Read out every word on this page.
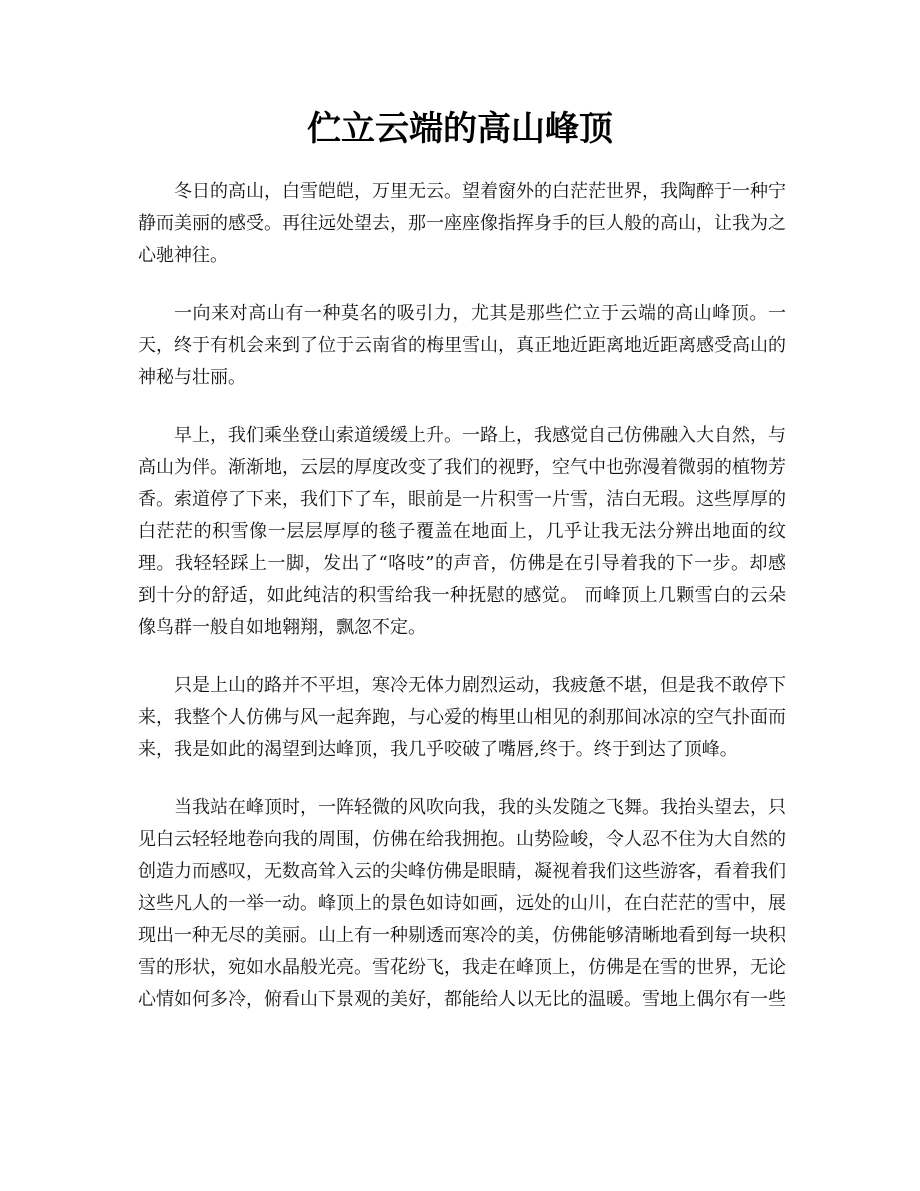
伫立云端的高山峰顶

冬日的高山，白雪皑皑，万里无云。望着窗外的白茫茫世界，我陶醉于一种宁静而美丽的感受。再往远处望去，那一座座像指挥身手的巨人般的高山，让我为之心驰神往。

一向来对高山有一种莫名的吸引力，尤其是那些伫立于云端的高山峰顶。一天，终于有机会来到了位于云南省的梅里雪山，真正地近距离地近距离感受高山的神秘与壮丽。

早上，我们乘坐登山索道缓缓上升。一路上，我感觉自己仿佛融入大自然，与高山为伴。渐渐地，云层的厚度改变了我们的视野，空气中也弥漫着微弱的植物芳香。索道停了下来，我们下了车，眼前是一片积雪一片雪，洁白无瑕。这些厚厚的白茫茫的积雪像一层层厚厚的毯子覆盖在地面上，几乎让我无法分辨出地面的纹理。我轻轻踩上一脚，发出了“咯吱”的声音，仿佛是在引导着我的下一步。却感到十分的舒适，如此纯洁的积雪给我一种抚慰的感觉。 而峰顶上几颗雪白的云朵像鸟群一般自如地翱翔，飘忽不定。

只是上山的路并不平坦，寒冷无体力剧烈运动，我疲惫不堪，但是我不敢停下来，我整个人仿佛与风一起奔跑，与心爱的梅里山相见的刹那间冰凉的空气扑面而来，我是如此的渴望到达峰顶，我几乎咬破了嘴唇,终于。终于到达了顶峰。

当我站在峰顶时，一阵轻微的风吹向我，我的头发随之飞舞。我抬头望去，只见白云轻轻地卷向我的周围，仿佛在给我拥抱。山势险峻，令人忍不住为大自然的创造力而感叹，无数高耸入云的尖峰仿佛是眼睛，凝视着我们这些游客，看着我们这些凡人的一举一动。峰顶上的景色如诗如画，远处的山川，在白茫茫的雪中，展现出一种无尽的美丽。山上有一种剔透而寒冷的美，仿佛能够清晰地看到每一块积雪的形状，宛如水晶般光亮。雪花纷飞，我走在峰顶上，仿佛是在雪的世界，无论心情如何多冷，俯看山下景观的美好，都能给人以无比的温暖。雪地上偶尔有一些
